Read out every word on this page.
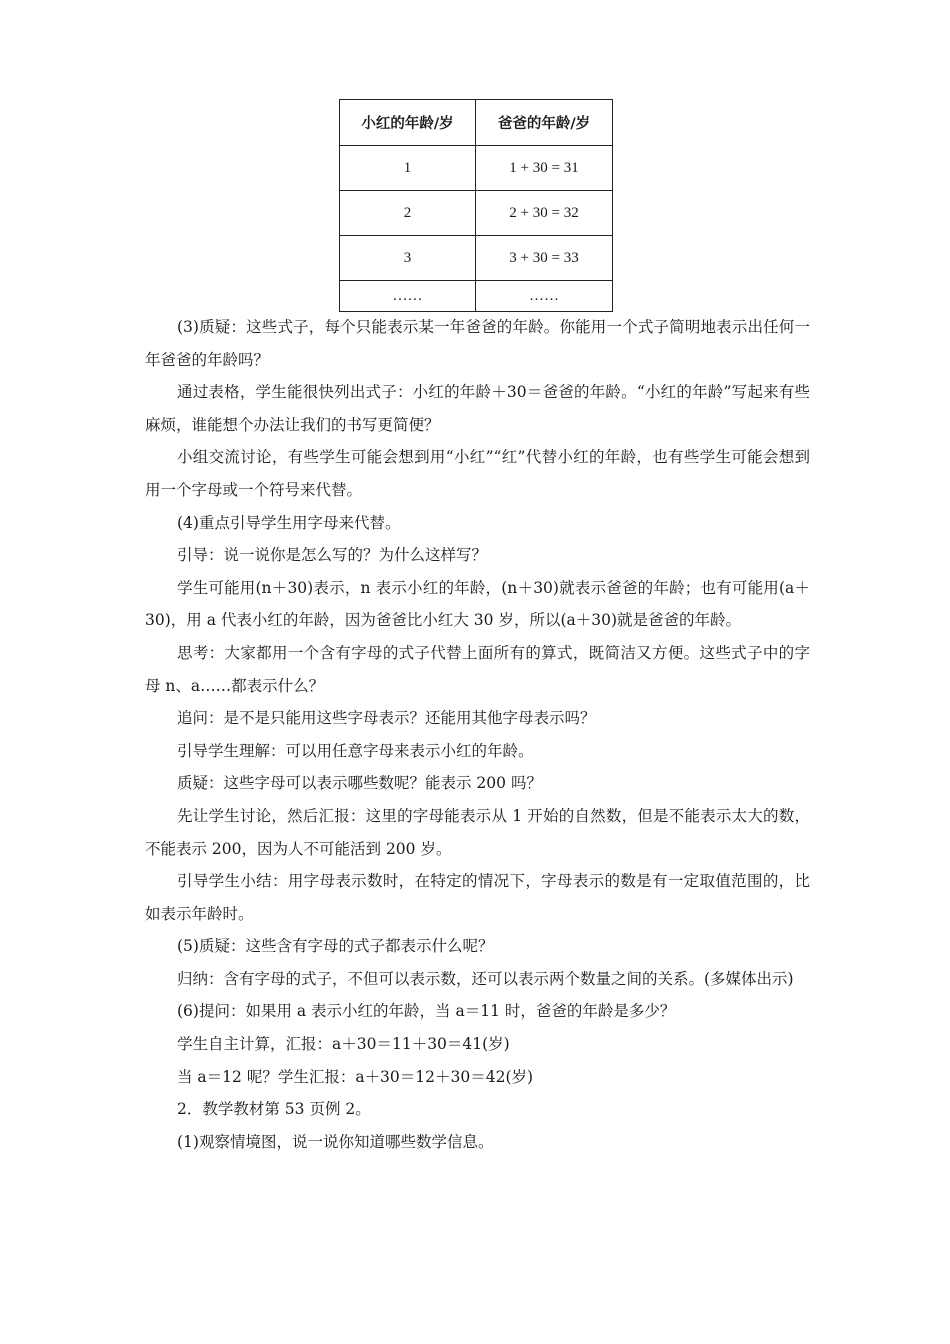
小红的年龄/岁	爸爸的年龄/岁
1	1 + 30 = 31
2	2 + 30 = 32
3	3 + 30 = 33
……	……

(3)质疑：这些式子，每个只能表示某一年爸爸的年龄。你能用一个式子简明地表示出任何一年爸爸的年龄吗？

通过表格，学生能很快列出式子：小红的年龄＋30＝爸爸的年龄。“小红的年龄”写起来有些麻烦，谁能想个办法让我们的书写更简便？

小组交流讨论，有些学生可能会想到用“小红”“红”代替小红的年龄，也有些学生可能会想到用一个字母或一个符号来代替。

(4)重点引导学生用字母来代替。

引导：说一说你是怎么写的？为什么这样写？

学生可能用(n＋30)表示，n 表示小红的年龄，(n＋30)就表示爸爸的年龄；也有可能用(a＋30)，用 a 代表小红的年龄，因为爸爸比小红大 30 岁，所以(a＋30)就是爸爸的年龄。

思考：大家都用一个含有字母的式子代替上面所有的算式，既简洁又方便。这些式子中的字母 n、a……都表示什么？

追问：是不是只能用这些字母表示？还能用其他字母表示吗？

引导学生理解：可以用任意字母来表示小红的年龄。

质疑：这些字母可以表示哪些数呢？能表示 200 吗？

先让学生讨论，然后汇报：这里的字母能表示从 1 开始的自然数，但是不能表示太大的数，不能表示 200，因为人不可能活到 200 岁。

引导学生小结：用字母表示数时，在特定的情况下，字母表示的数是有一定取值范围的，比如表示年龄时。

(5)质疑：这些含有字母的式子都表示什么呢？

归纳：含有字母的式子，不但可以表示数，还可以表示两个数量之间的关系。(多媒体出示)

(6)提问：如果用 a 表示小红的年龄，当 a＝11 时，爸爸的年龄是多少？

学生自主计算，汇报：a＋30＝11＋30＝41(岁)

当 a＝12 呢？学生汇报：a＋30＝12＋30＝42(岁)

2．教学教材第 53 页例 2。

(1)观察情境图，说一说你知道哪些数学信息。
